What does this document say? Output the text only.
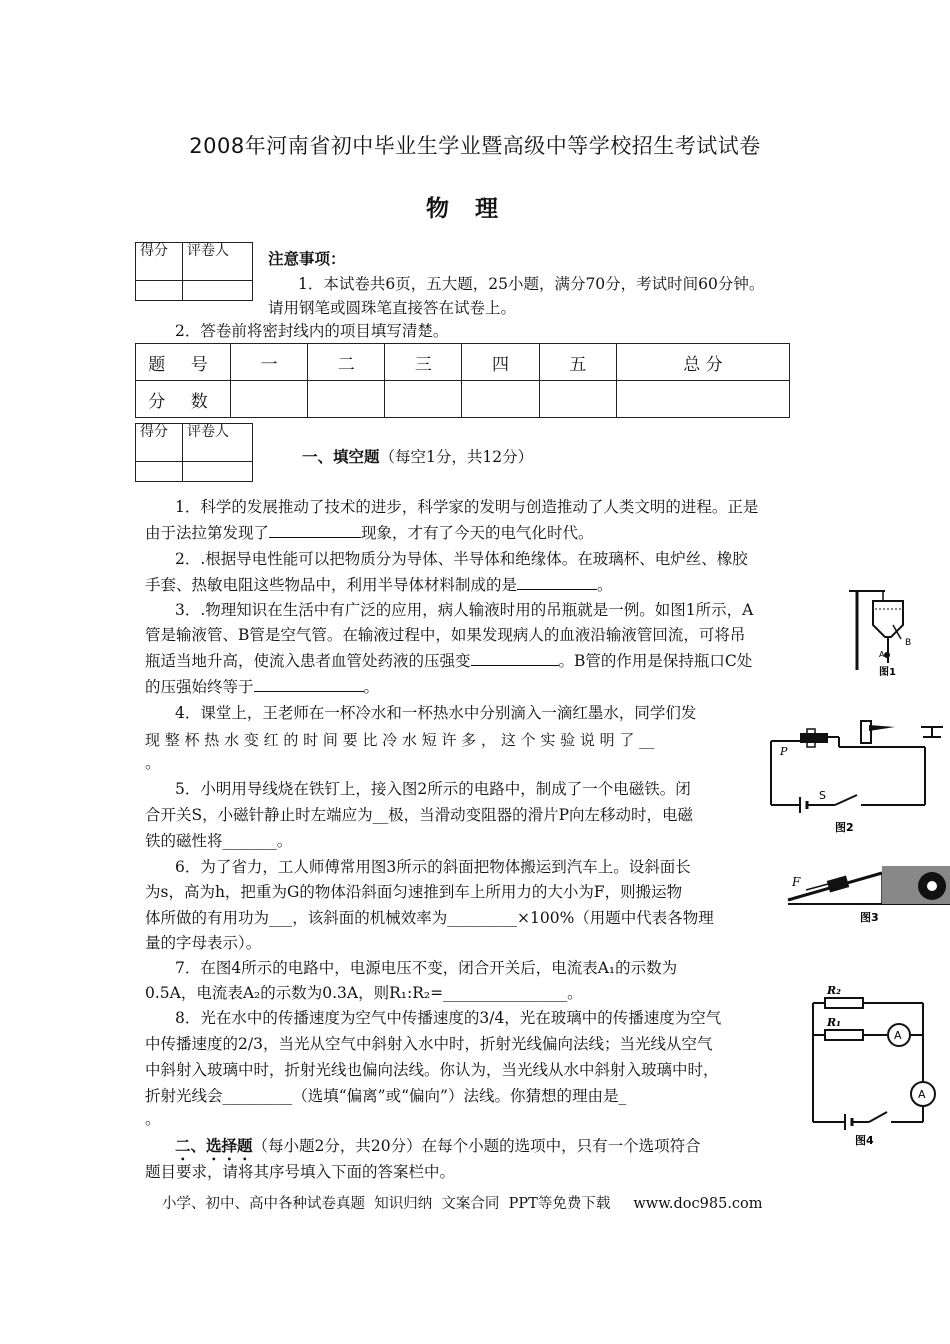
2008年河南省初中毕业生学业暨高级中等学校招生考试试卷
物理
得分	评卷人
		注意事项：
1．本试卷共6页，五大题，25小题，满分70分，考试时间60分钟。
请用钢笔或圆珠笔直接答在试卷上。
2．答卷前将密封线内的项目填写清楚。
题 号	一	二	三	四	五	总 分
分 数						
得分	评卷人

一、填空题（每空1分，共12分）
1．科学的发展推动了技术的进步，科学家的发明与创造推动了人类文明的进程。正是
由于法拉第发现了	现象，才有了今天的电气化时代。
2．.根据导电性能可以把物质分为导体、半导体和绝缘体。在玻璃杯、电炉丝、橡胶
手套、热敏电阻这些物品中，利用半导体材料制成的是	。
3．.物理知识在生活中有广泛的应用，病人输液时用的吊瓶就是一例。如图1所示，A
管是输液管、B管是空气管。在输液过程中，如果发现病人的血液沿输液管回流，可将吊
瓶适当地升高，使流入患者血管处药液的压强变	。B管的作用是保持瓶口C处
的压强始终等于	。
4．课堂上，王老师在一杯冷水和一杯热水中分别滴入一滴红墨水，同学们发
现 整 杯 热 水 变 红 的 时 间 要 比 冷 水 短 许 多 ， 这 个 实 验 说 明 了 __
。
5．小明用导线烧在铁钉上，接入图2所示的电路中，制成了一个电磁铁。闭
合开关S，小磁针静止时左端应为__极，当滑动变阻器的滑片P向左移动时，电磁
铁的磁性将_______。
6．为了省力，工人师傅常用图3所示的斜面把物体搬运到汽车上。设斜面长
为s，高为h，把重为G的物体沿斜面匀速推到车上所用力的大小为F，则搬运物
体所做的有用功为___，该斜面的机械效率为_________×100%（用题中代表各物理
量的字母表示）。
7．在图4所示的电路中，电源电压不变，闭合开关后，电流表A₁的示数为
0.5A，电流表A₂的示数为0.3A，则R₁:R₂=________________。
8．光在水中的传播速度为空气中传播速度的3/4，光在玻璃中的传播速度为空气
中传播速度的2/3，当光从空气中斜射入水中时，折射光线偏向法线；当光线从空气
中斜射入玻璃中时，折射光线也偏向法线。你认为，当光线从水中斜射入玻璃中时，
折射光线会_________（选填“偏离”或“偏向”）法线。你猜想的理由是_
。
二、选择题（每小题2分，共20分）在每个小题的选项中，只有一个选项符合
题目要求，请将其序号填入下面的答案栏中。
小学、初中、高中各种试卷真题  知识归纳  文案合同  PPT等免费下载     www.doc985.com
B
A
图1
P
S
图2
F
图3
R₂
R₁
A
A
图4
